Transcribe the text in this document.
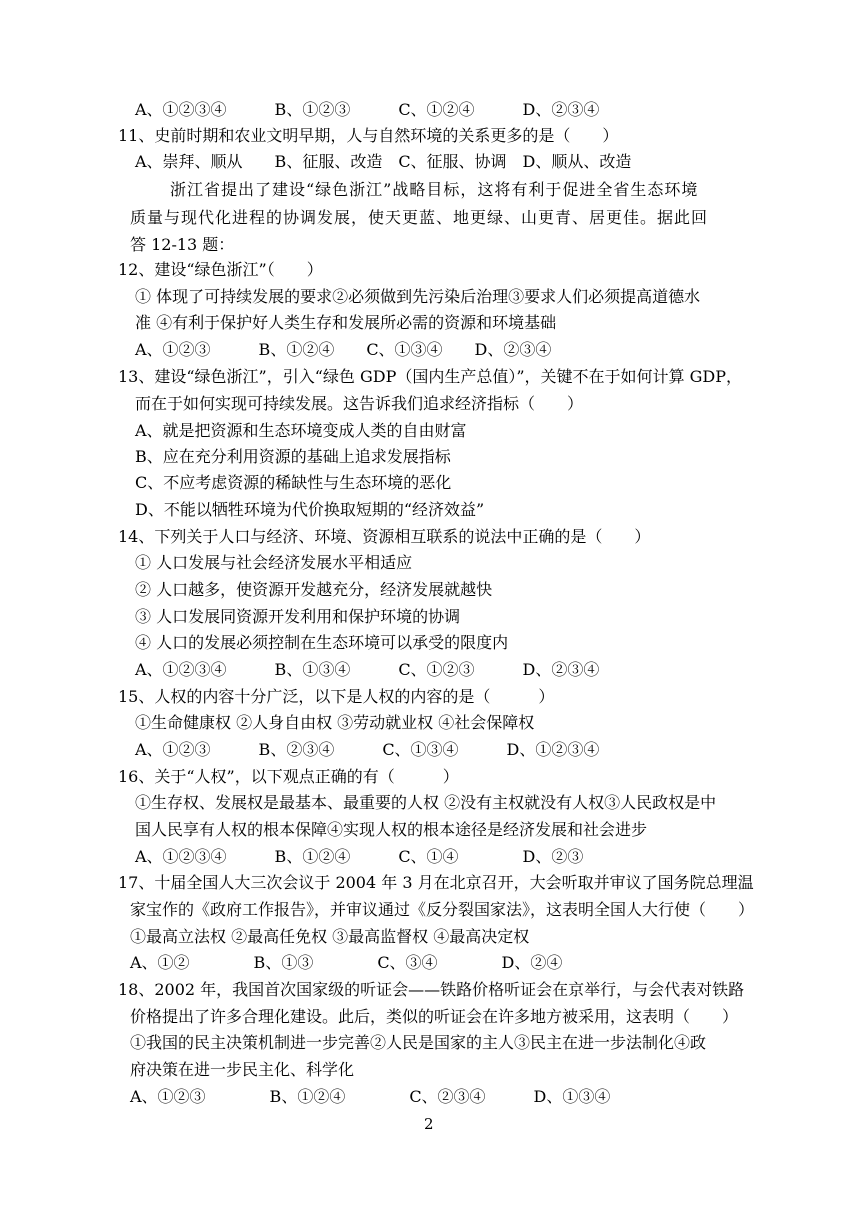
A、①②③④　　　B、①②③　　　C、①②④　　　D、②③④
11、史前时期和农业文明早期，人与自然环境的关系更多的是（　　）
A、崇拜、顺从　　B、征服、改造　C、征服、协调　D、顺从、改造
浙江省提出了建设“绿色浙江”战略目标，这将有利于促进全省生态环境
质量与现代化进程的协调发展，使天更蓝、地更绿、山更青、居更佳。据此回
答 12-13 题：
12、建设“绿色浙江”（　　）
① 体现了可持续发展的要求②必须做到先污染后治理③要求人们必须提高道德水
准 ④有利于保护好人类生存和发展所必需的资源和环境基础
A、①②③　　　B、①②④　　C、①③④　　D、②③④
13、建设“绿色浙江”，引入“绿色 GDP（国内生产总值）”，关键不在于如何计算 GDP，
而在于如何实现可持续发展。这告诉我们追求经济指标（　　）
A、就是把资源和生态环境变成人类的自由财富
B、应在充分利用资源的基础上追求发展指标
C、不应考虑资源的稀缺性与生态环境的恶化
D、不能以牺牲环境为代价换取短期的“经济效益”
14、下列关于人口与经济、环境、资源相互联系的说法中正确的是（　　）
① 人口发展与社会经济发展水平相适应
② 人口越多，使资源开发越充分，经济发展就越快
③ 人口发展同资源开发利用和保护环境的协调
④ 人口的发展必须控制在生态环境可以承受的限度内
A、①②③④　　　B、①③④　　　C、①②③　　　D、②③④
15、人权的内容十分广泛，以下是人权的内容的是（　　　）
①生命健康权 ②人身自由权 ③劳动就业权 ④社会保障权
A、①②③　　　B、②③④　　　C、①③④　　　D、①②③④
16、关于“人权”，以下观点正确的有（　　　）
①生存权、发展权是最基本、最重要的人权 ②没有主权就没有人权③人民政权是中
国人民享有人权的根本保障④实现人权的根本途径是经济发展和社会进步
A、①②③④　　　B、①②④　　　C、①④　　　　D、②③
17、十届全国人大三次会议于 2004 年 3 月在北京召开，大会听取并审议了国务院总理温
家宝作的《政府工作报告》，并审议通过《反分裂国家法》，这表明全国人大行使（　　）
①最高立法权 ②最高任免权 ③最高监督权 ④最高决定权
A、①②　　　　B、①③　　　　C、③④　　　　D、②④
18、2002 年，我国首次国家级的听证会——铁路价格听证会在京举行，与会代表对铁路
价格提出了许多合理化建设。此后，类似的听证会在许多地方被采用，这表明（　　）
①我国的民主决策机制进一步完善②人民是国家的主人③民主在进一步法制化④政
府决策在进一步民主化、科学化
A、①②③　　　　B、①②④　　　　C、②③④　　　D、①③④
2
